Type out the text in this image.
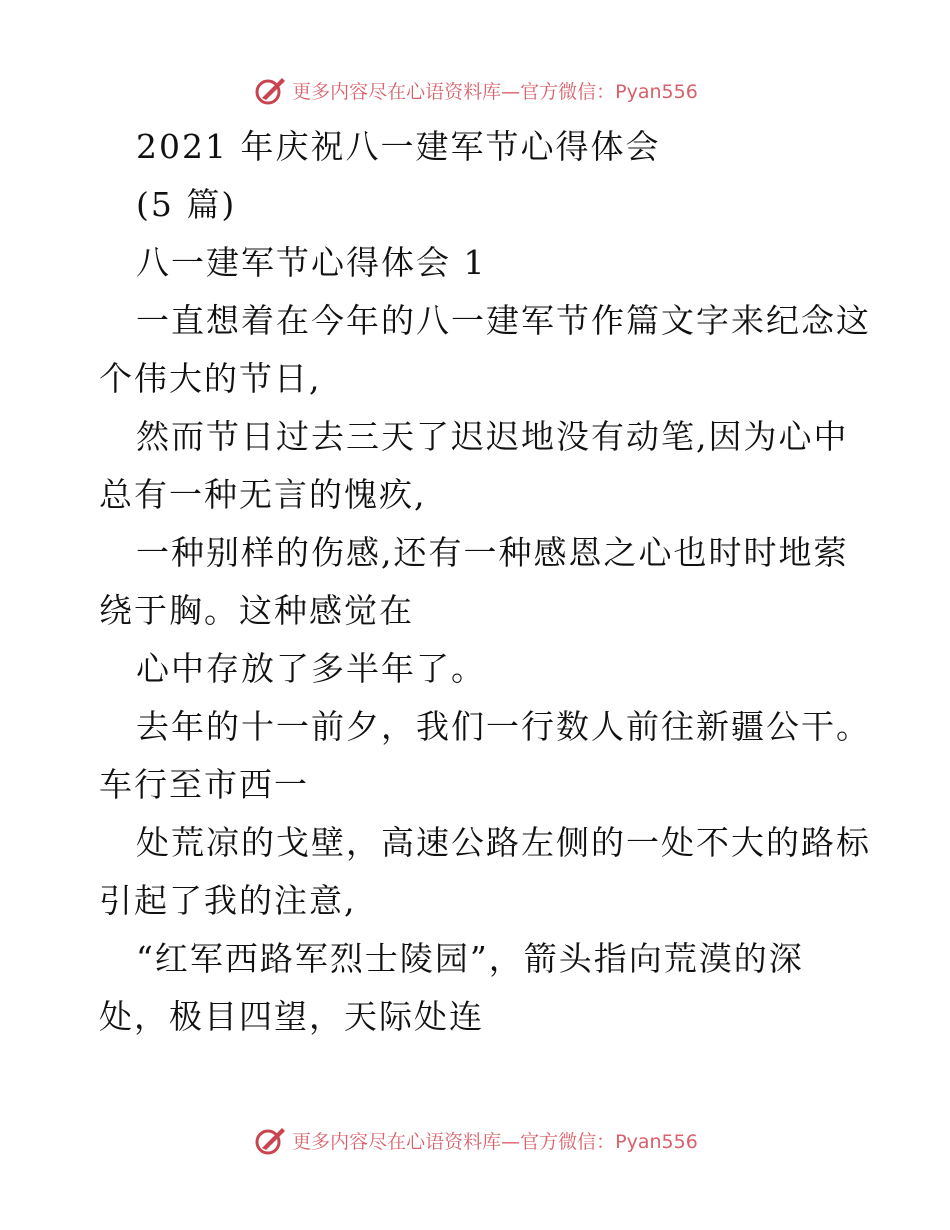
更多内容尽在心语资料库—官方微信：Pyan556
2021 年庆祝八一建军节心得体会
(5 篇)
八一建军节心得体会 1
一直想着在今年的八一建军节作篇文字来纪念这
个伟大的节日,
然而节日过去三天了迟迟地没有动笔,因为心中
总有一种无言的愧疚,
一种别样的伤感,还有一种感恩之心也时时地萦
绕于胸。这种感觉在
心中存放了多半年了。
去年的十一前夕，我们一行数人前往新疆公干。
车行至市西一
处荒凉的戈壁，高速公路左侧的一处不大的路标
引起了我的注意,
“红军西路军烈士陵园”，箭头指向荒漠的深
处，极目四望，天际处连
更多内容尽在心语资料库—官方微信：Pyan556
